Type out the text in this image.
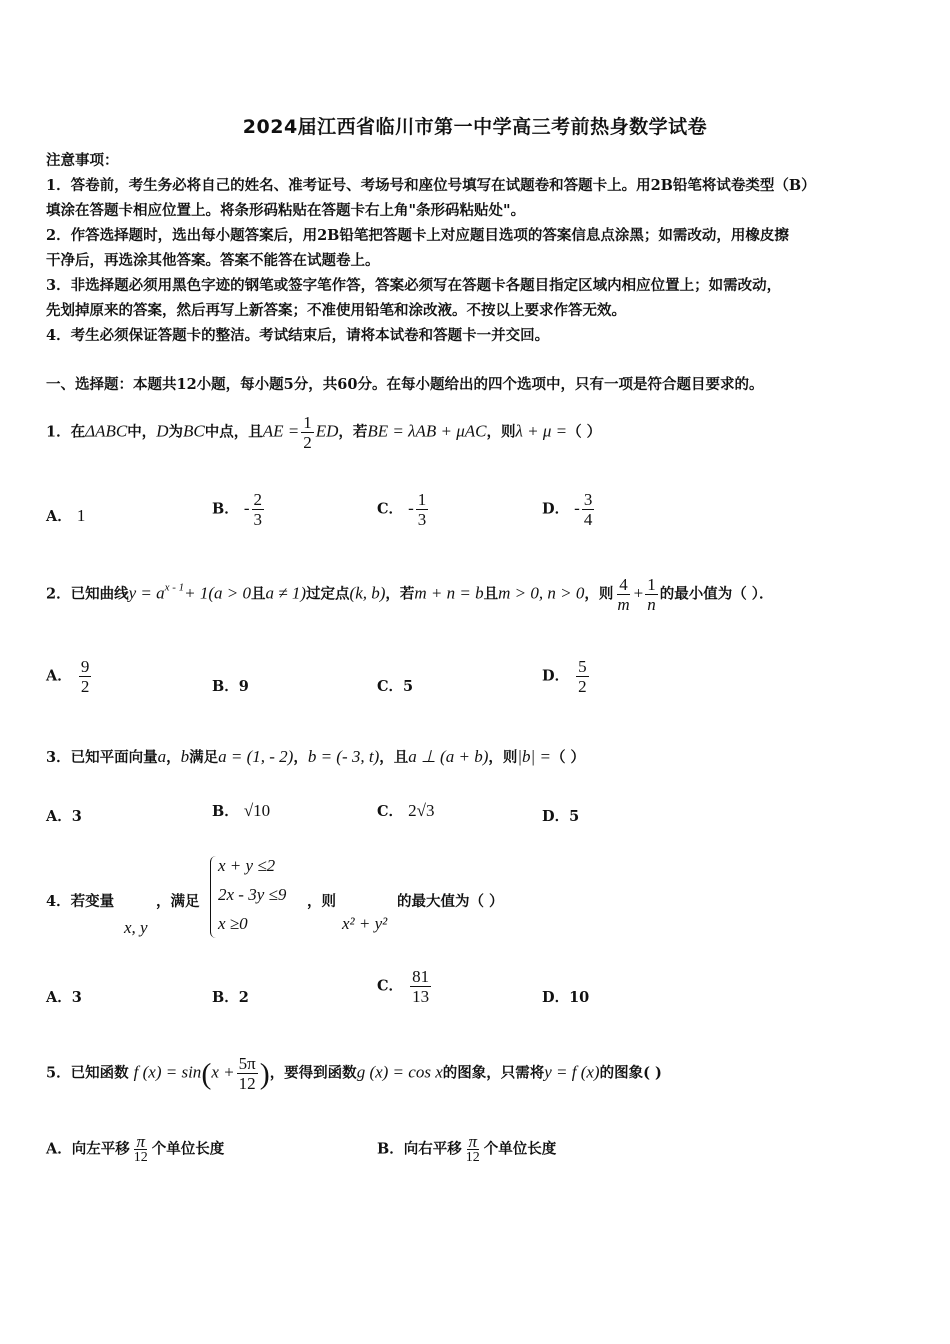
2024届江西省临川市第一中学高三考前热身数学试卷
注意事项：
1．答卷前，考生务必将自己的姓名、准考证号、考场号和座位号填写在试题卷和答题卡上。用2B铅笔将试卷类型（B）
填涂在答题卡相应位置上。将条形码粘贴在答题卡右上角"条形码粘贴处"。
2．作答选择题时，选出每小题答案后，用2B铅笔把答题卡上对应题目选项的答案信息点涂黑；如需改动，用橡皮擦
干净后，再选涂其他答案。答案不能答在试题卷上。
3．非选择题必须用黑色字迹的钢笔或签字笔作答，答案必须写在答题卡各题目指定区域内相应位置上；如需改动，
先划掉原来的答案，然后再写上新答案；不准使用铅笔和涂改液。不按以上要求作答无效。
4．考生必须保证答题卡的整洁。考试结束后，请将本试卷和答题卡一并交回。
一、选择题：本题共12小题，每小题5分，共60分。在每小题给出的四个选项中，只有一项是符合题目要求的。
1．在ΔABC中，D为BC中点，且AE = $\frac{1}{2}$ ED，若BE = λAB + μAC，则λ + μ =（ ）
A． 1	B． - $\frac{2}{3}$	C． - $\frac{1}{3}$	D． - $\frac{3}{4}$
2．已知曲线$y = a^{x - 1}+ 1(a > 0$且a ≠ 1)过定点(k, b)，若m + n = b且m > 0, n > 0，则 $\frac{4}{m} + \frac{1}{n}$ 的最小值为（ ）．
A． $\frac{9}{2}$	B．9	C．5
D． $\frac{5}{2}$
3．已知平面向量a，b满足a = (1, - 2)，b = (- 3, t)，且a ⊥ (a + b)，则|b| =（ ）
A．3	B． √10	C． 2√3	D．5
4．若变量
x, y
，满足
x + y ≤2
2x - 3y ≤9
x ≥0
，则
x² + y²
的最大值为（ ）
A．3	B．2
C． $\frac{81}{13}$	D．10
5．已知函数 f $(x) = \sin(x + \frac{5\pi}{12}$ )，要得到函数g (x) = cos x的图象，只需将y = f (x)的图象( )
A．向左平移 $\frac{\pi}{12}$ 个单位长度	B．向右平移 $\frac{\pi}{12}$ 个单位长度
